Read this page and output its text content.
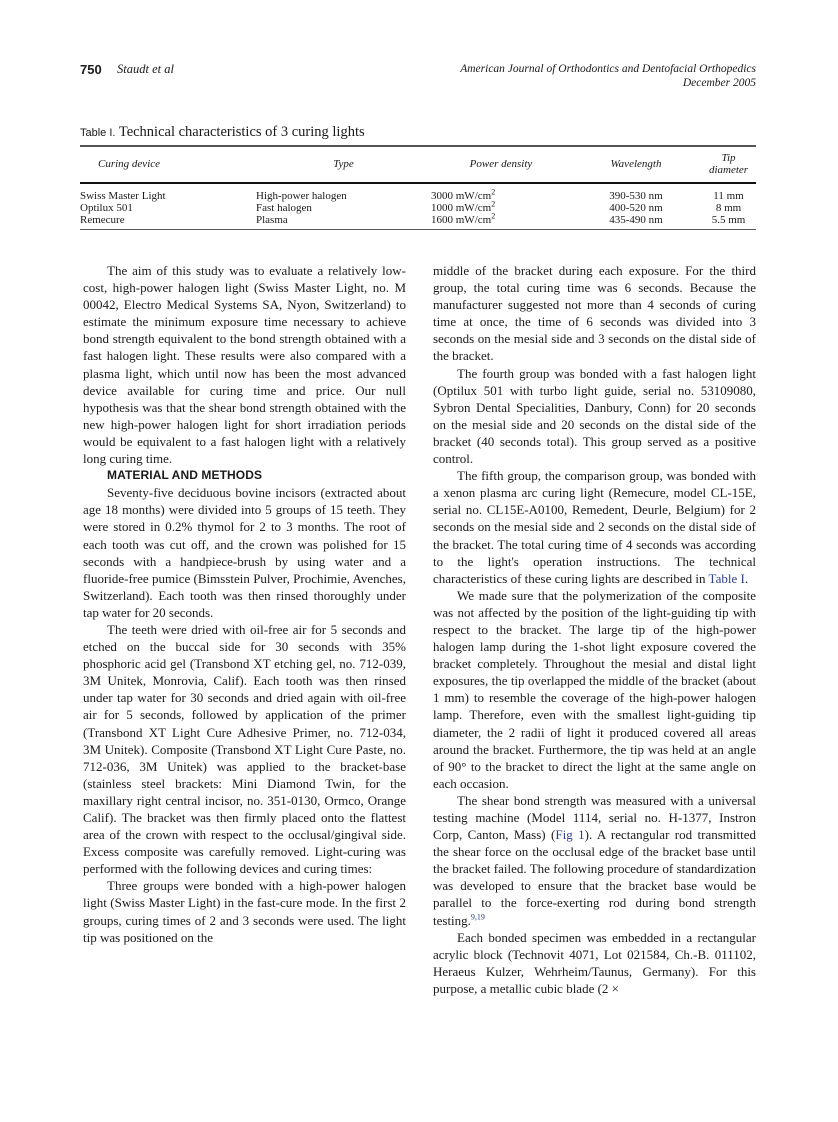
750 Staudt et al	American Journal of Orthodontics and Dentofacial Orthopedics
December 2005
Table I. Technical characteristics of 3 curing lights
Curing device	Type	Power density	Wavelength	Tip diameter
Swiss Master Light	High-power halogen	3000 $mW/cm^2$	390-530 nm	11 mm
Optilux 501	Fast halogen	1000 $mW/cm^2$	400-520 nm	8 mm
Remecure	Plasma	1600 $mW/cm^2$	435-490 nm	5.5 mm

The aim of this study was to evaluate a relatively low-cost, high-power halogen light (Swiss Master Light, no. M 00042, Electro Medical Systems SA, Nyon, Switzerland) to estimate the minimum exposure time necessary to achieve bond strength equivalent to the bond strength obtained with a fast halogen light. These results were also compared with a plasma light, which until now has been the most advanced device available for curing time and price. Our null hypothesis was that the shear bond strength obtained with the new high-power halogen light for short irradiation periods would be equivalent to a fast halogen light with a relatively long curing time.

MATERIAL AND METHODS

Seventy-five deciduous bovine incisors (extracted about age 18 months) were divided into 5 groups of 15 teeth. They were stored in 0.2% thymol for 2 to 3 months. The root of each tooth was cut off, and the crown was polished for 15 seconds with a handpiece-brush by using water and a fluoride-free pumice (Bimsstein Pulver, Prochimie, Avenches, Switzerland). Each tooth was then rinsed thoroughly under tap water for 20 seconds.

The teeth were dried with oil-free air for 5 seconds and etched on the buccal side for 30 seconds with 35% phosphoric acid gel (Transbond XT etching gel, no. 712-039, 3M Unitek, Monrovia, Calif). Each tooth was then rinsed under tap water for 30 seconds and dried again with oil-free air for 5 seconds, followed by application of the primer (Transbond XT Light Cure Adhesive Primer, no. 712-034, 3M Unitek). Composite (Transbond XT Light Cure Paste, no. 712-036, 3M Unitek) was applied to the bracket-base (stainless steel brackets: Mini Diamond Twin, for the maxillary right central incisor, no. 351-0130, Ormco, Orange Calif). The bracket was then firmly placed onto the flattest area of the crown with respect to the occlusal/gingival side. Excess composite was carefully removed. Light-curing was performed with the following devices and curing times:

Three groups were bonded with a high-power halogen light (Swiss Master Light) in the fast-cure mode. In the first 2 groups, curing times of 2 and 3 seconds were used. The light tip was positioned on the

middle of the bracket during each exposure. For the third group, the total curing time was 6 seconds. Because the manufacturer suggested not more than 4 seconds of curing time at once, the time of 6 seconds was divided into 3 seconds on the mesial side and 3 seconds on the distal side of the bracket.

The fourth group was bonded with a fast halogen light (Optilux 501 with turbo light guide, serial no. 53109080, Sybron Dental Specialities, Danbury, Conn) for 20 seconds on the mesial side and 20 seconds on the distal side of the bracket (40 seconds total). This group served as a positive control.

The fifth group, the comparison group, was bonded with a xenon plasma arc curing light (Remecure, model CL-15E, serial no. CL15E-A0100, Remedent, Deurle, Belgium) for 2 seconds on the mesial side and 2 seconds on the distal side of the bracket. The total curing time of 4 seconds was according to the light's operation instructions. The technical characteristics of these curing lights are described in Table I.

We made sure that the polymerization of the composite was not affected by the position of the light-guiding tip with respect to the bracket. The large tip of the high-power halogen lamp during the 1-shot light exposure covered the bracket completely. Throughout the mesial and distal light exposures, the tip overlapped the middle of the bracket (about 1 mm) to resemble the coverage of the high-power halogen lamp. Therefore, even with the smallest light-guiding tip diameter, the 2 radii of light it produced covered all areas around the bracket. Furthermore, the tip was held at an angle of 90° to the bracket to direct the light at the same angle on each occasion.

The shear bond strength was measured with a universal testing machine (Model 1114, serial no. H-1377, Instron Corp, Canton, Mass) (Fig 1). A rectangular rod transmitted the shear force on the occlusal edge of the bracket base until the bracket failed. The following procedure of standardization was developed to ensure that the bracket base would be parallel to the force-exerting rod during bond strength testing.$^{9,19}$

Each bonded specimen was embedded in a rectangular acrylic block (Technovit 4071, Lot 021584, Ch.-B. 011102, Heraeus Kulzer, Wehrheim/Taunus, Germany). For this purpose, a metallic cubic blade (2 ×
